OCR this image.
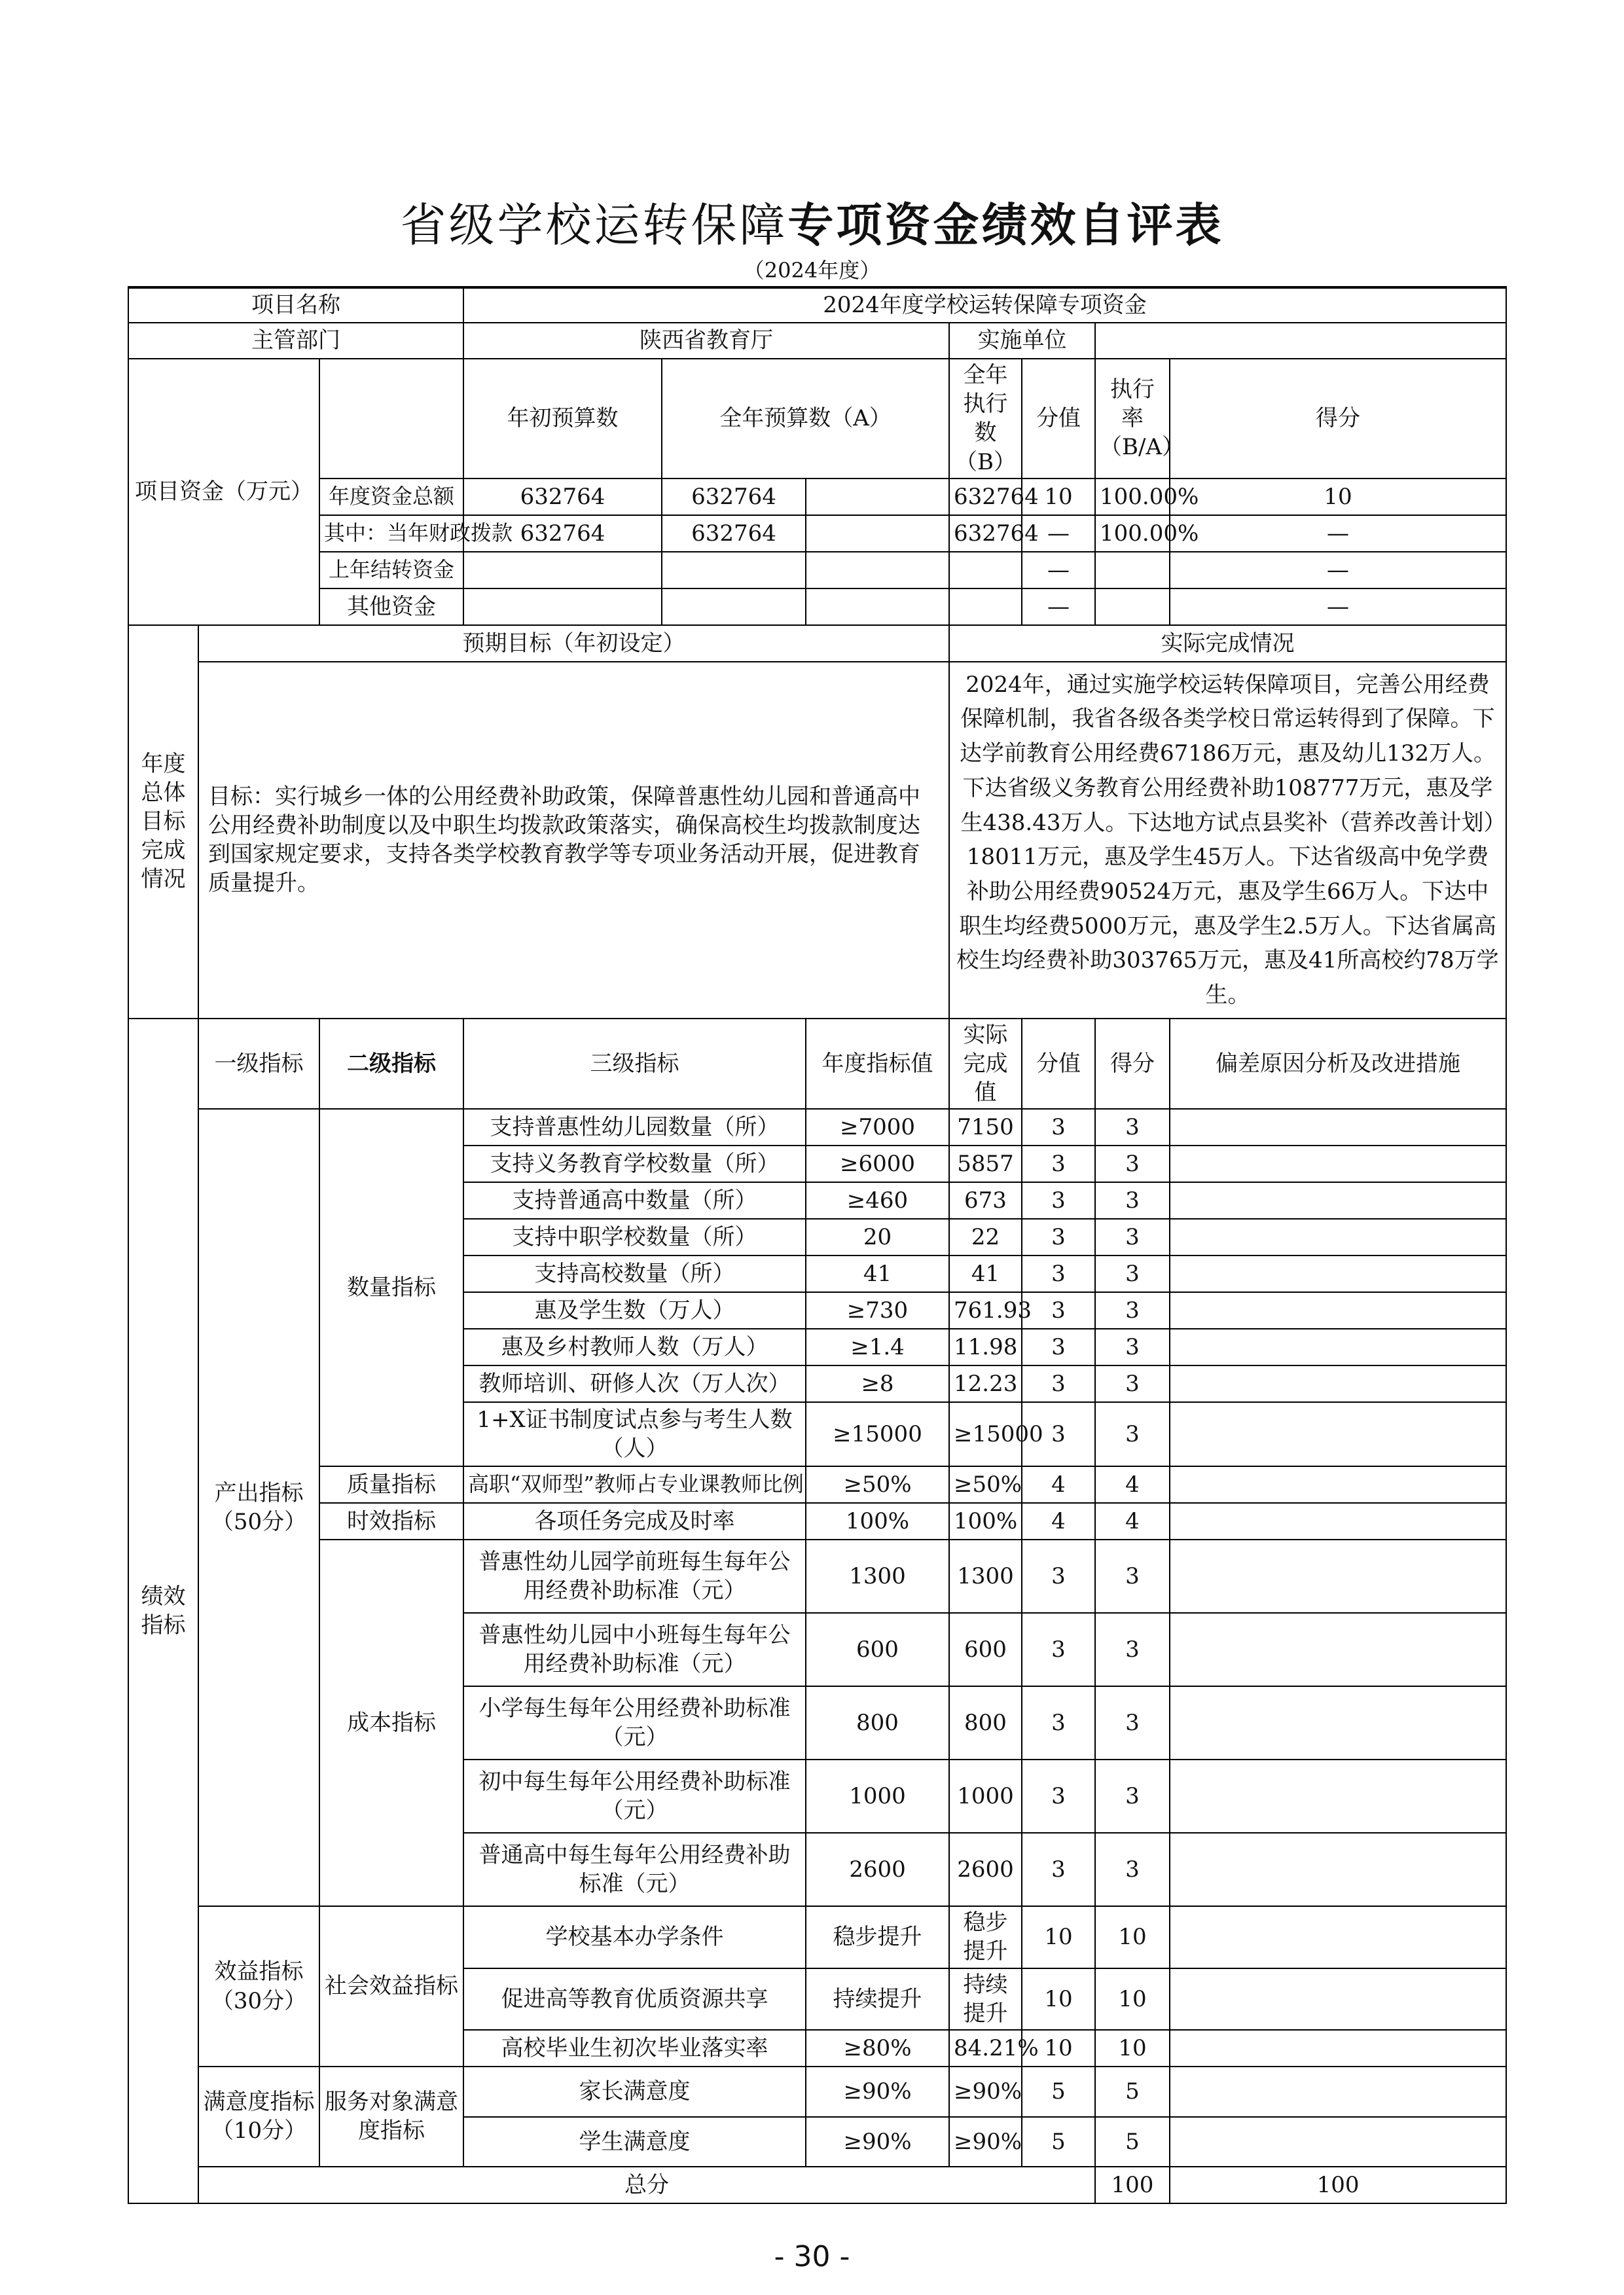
省级学校运转保障专项资金绩效自评表
（2024年度）
项目名称			2024年度学校运转保障专项资金							
主管部门			陕西省教育厅			实施单位				
项目资金（万元）			年初预算数	全年预算数（A）		全年执行数（B）	分值	执行率（B/A）	得分	
		年度资金总额	632764	632764		632764	10	100.00%	10	
		其中：当年财政拨款	632764	632764		632764	—	100.00%	—	
		上年结转资金					—		—	
		其他资金					—		—	
年度总体目标完成情况	预期目标（年初设定）					实际完成情况				
	目标：实行城乡一体的公用经费补助政策，保障普惠性幼儿园和普通高中公用经费补助制度以及中职生均拨款政策落实，确保高校生均拨款制度达到国家规定要求，支持各类学校教育教学等专项业务活动开展，促进教育质量提升。					2024年，通过实施学校运转保障项目，完善公用经费保障机制，我省各级各类学校日常运转得到了保障。下达学前教育公用经费67186万元，惠及幼儿132万人。下达省级义务教育公用经费补助108777万元，惠及学生438.43万人。下达地方试点县奖补（营养改善计划）18011万元，惠及学生45万人。下达省级高中免学费补助公用经费90524万元，惠及学生66万人。下达中职生均经费5000万元，惠及学生2.5万人。下达省属高校生均经费补助303765万元，惠及41所高校约78万学生。				
绩效指标	一级指标	二级指标	三级指标		年度指标值	实际完成值	分值	得分	偏差原因分析及改进措施	
	产出指标（50分）	数量指标	支持普惠性幼儿园数量（所）		≥7000	7150	3	3		
			支持义务教育学校数量（所）		≥6000	5857	3	3		
			支持普通高中数量（所）		≥460	673	3	3		
			支持中职学校数量（所）		20	22	3	3		
			支持高校数量（所）		41	41	3	3		
			惠及学生数（万人）		≥730	761.93	3	3		
			惠及乡村教师人数（万人）		≥1.4	11.98	3	3		
			教师培训、研修人次（万人次）		≥8	12.23	3	3		
			1+X证书制度试点参与考生人数（人）		≥15000	≥15000	3	3		
		质量指标	高职“双师型”教师占专业课教师比例		≥50%	≥50%	4	4		
		时效指标	各项任务完成及时率		100%	100%	4	4		
		成本指标	普惠性幼儿园学前班每生每年公用经费补助标准（元）		1300	1300	3	3		
			普惠性幼儿园中小班每生每年公用经费补助标准（元）		600	600	3	3		
			小学每生每年公用经费补助标准（元）		800	800	3	3		
			初中每生每年公用经费补助标准（元）		1000	1000	3	3		
			普通高中每生每年公用经费补助标准（元）		2600	2600	3	3		
	效益指标（30分）	社会效益指标	学校基本办学条件		稳步提升	稳步提升	10	10		
			促进高等教育优质资源共享		持续提升	持续提升	10	10		
			高校毕业生初次毕业落实率		≥80%	84.21%	10	10		
	满意度指标（10分）	服务对象满意度指标	家长满意度		≥90%	≥90%	5	5		
			学生满意度		≥90%	≥90%	5	5		
	总分							100	100	
- 30 -
